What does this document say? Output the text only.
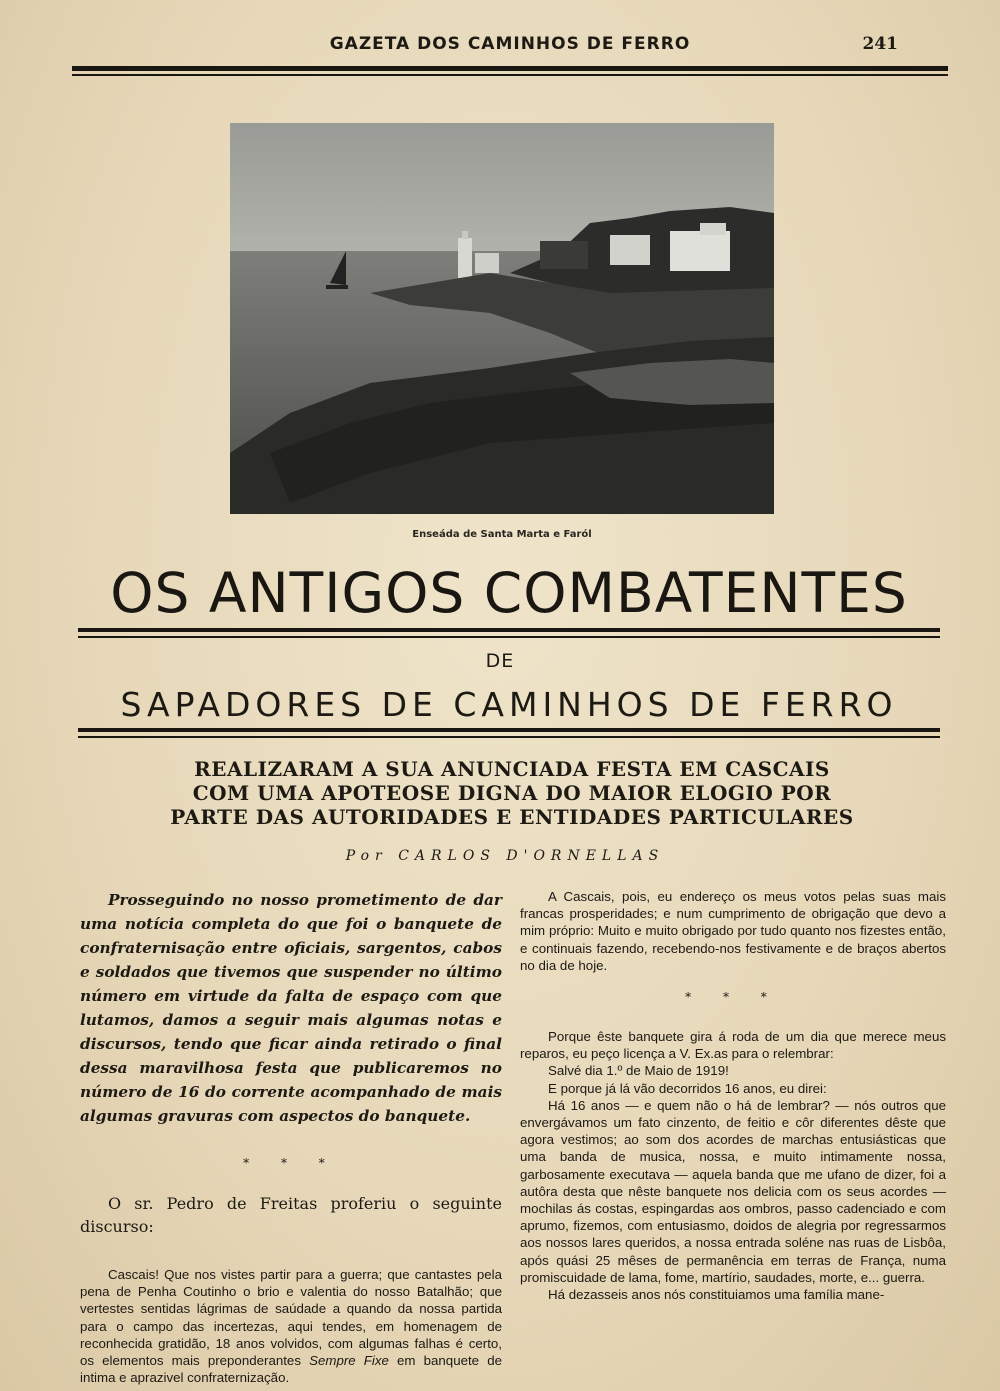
GAZETA DOS CAMINHOS DE FERRO	241
Enseáda de Santa Marta e Faról
OS ANTIGOS COMBATENTES
DE
SAPADORES DE CAMINHOS DE FERRO
REALIZARAM A SUA ANUNCIADA FESTA EM CASCAIS
COM UMA APOTEOSE DIGNA DO MAIOR ELOGIO POR
PARTE DAS AUTORIDADES E ENTIDADES PARTICULARES
Por CARLOS D'ORNELLAS

Prosseguindo no nosso prometimento de dar uma notícia completa do que foi o banquete de confraternisação entre oficiais, sargentos, cabos e soldados que tivemos que suspender no último número em virtude da falta de espaço com que lutamos, damos a seguir mais algumas notas e discursos, tendo que ficar ainda retirado o final dessa maravilhosa festa que publicaremos no número de 16 do corrente acompanhado de mais algumas gravuras com aspectos do banquete.

* * *

O sr. Pedro de Freitas proferiu o seguinte discurso:

Cascais! Que nos vistes partir para a guerra; que cantastes pela pena de Penha Coutinho o brio e valentia do nosso Batalhão; que vertestes sentidas lágrimas de saúdade a quando da nossa partida para o campo das incertezas, aqui tendes, em homenagem de reconhecida gratidão, 18 anos volvidos, com algumas falhas é certo, os elementos mais preponderantes Sempre Fixe em banquete de intima e aprazivel confraternização.

A Cascais, pois, eu endereço os meus votos pelas suas mais francas prosperidades; e num cumprimento de obrigação que devo a mim próprio: Muito e muito obrigado por tudo quanto nos fizestes então, e continuais fazendo, recebendo-nos festivamente e de braços abertos no dia de hoje.

* * *

Porque êste banquete gira á roda de um dia que merece meus reparos, eu peço licença a V. Ex.as para o relembrar:

Salvé dia 1.º de Maio de 1919!

E porque já lá vão decorridos 16 anos, eu direi:

Há 16 anos — e quem não o há de lembrar? — nós outros que envergávamos um fato cinzento, de feitio e côr diferentes dêste que agora vestimos; ao som dos acordes de marchas entusiásticas que uma banda de musica, nossa, e muito intimamente nossa, garbosamente executava — aquela banda que me ufano de dizer, foi a autôra desta que nêste banquete nos delicia com os seus acordes — mochilas ás costas, espingardas aos ombros, passo cadenciado e com aprumo, fizemos, com entusiasmo, doidos de alegria por regressarmos aos nossos lares queridos, a nossa entrada soléne nas ruas de Lisbôa, após quási 25 mêses de permanência em terras de França, numa promiscuidade de lama, fome, martírio, saudades, morte, e... guerra.

Há dezasseis anos nós constituiamos uma família mane-
